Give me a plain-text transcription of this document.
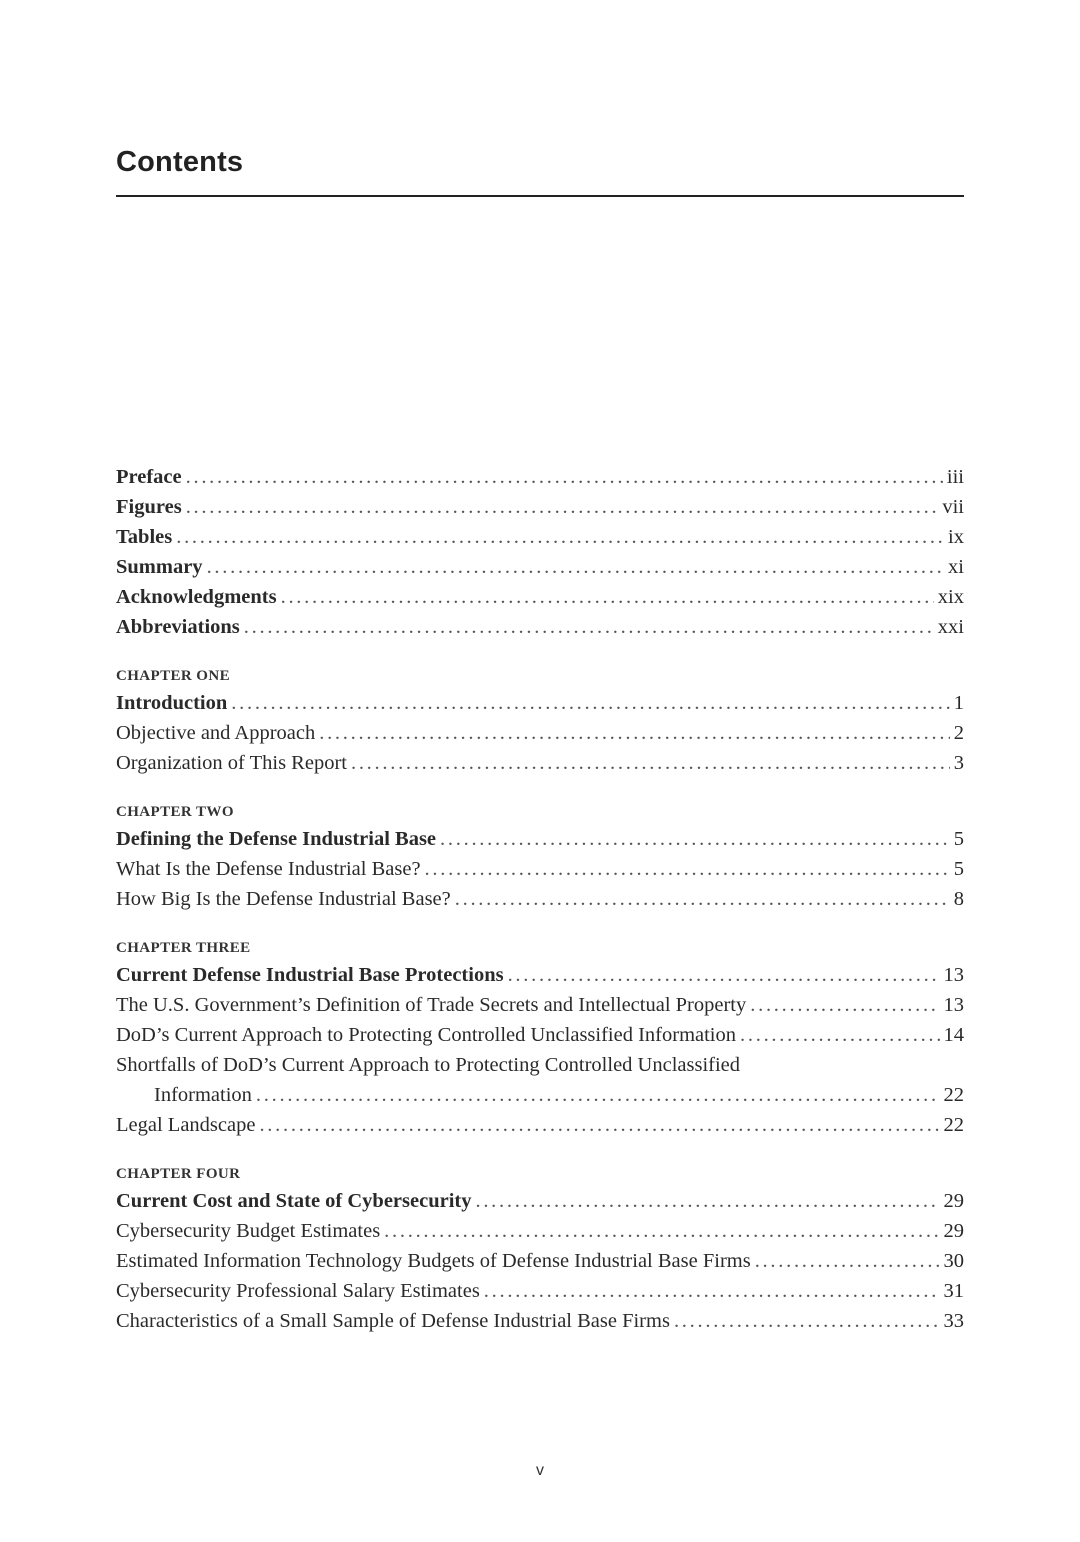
Contents
Preface . . .	iii
Figures . . .	vii
Tables . . .	ix
Summary . . .	xi
Acknowledgments . . .	xix
Abbreviations . . .	xxi
CHAPTER ONE
Introduction . . .	1
Objective and Approach . . .	2
Organization of This Report . . .	3
CHAPTER TWO
Defining the Defense Industrial Base . . .	5
What Is the Defense Industrial Base? . . .	5
How Big Is the Defense Industrial Base? . . .	8
CHAPTER THREE
Current Defense Industrial Base Protections . . .	13
The U.S. Government’s Definition of Trade Secrets and Intellectual Property . . .	13
DoD’s Current Approach to Protecting Controlled Unclassified Information . . .	14
Shortfalls of DoD’s Current Approach to Protecting Controlled Unclassified
Information . . .	22
Legal Landscape . . .	22
CHAPTER FOUR
Current Cost and State of Cybersecurity . . .	29
Cybersecurity Budget Estimates . . .	29
Estimated Information Technology Budgets of Defense Industrial Base Firms . . .	30
Cybersecurity Professional Salary Estimates . . .	31
Characteristics of a Small Sample of Defense Industrial Base Firms . . .	33
v
